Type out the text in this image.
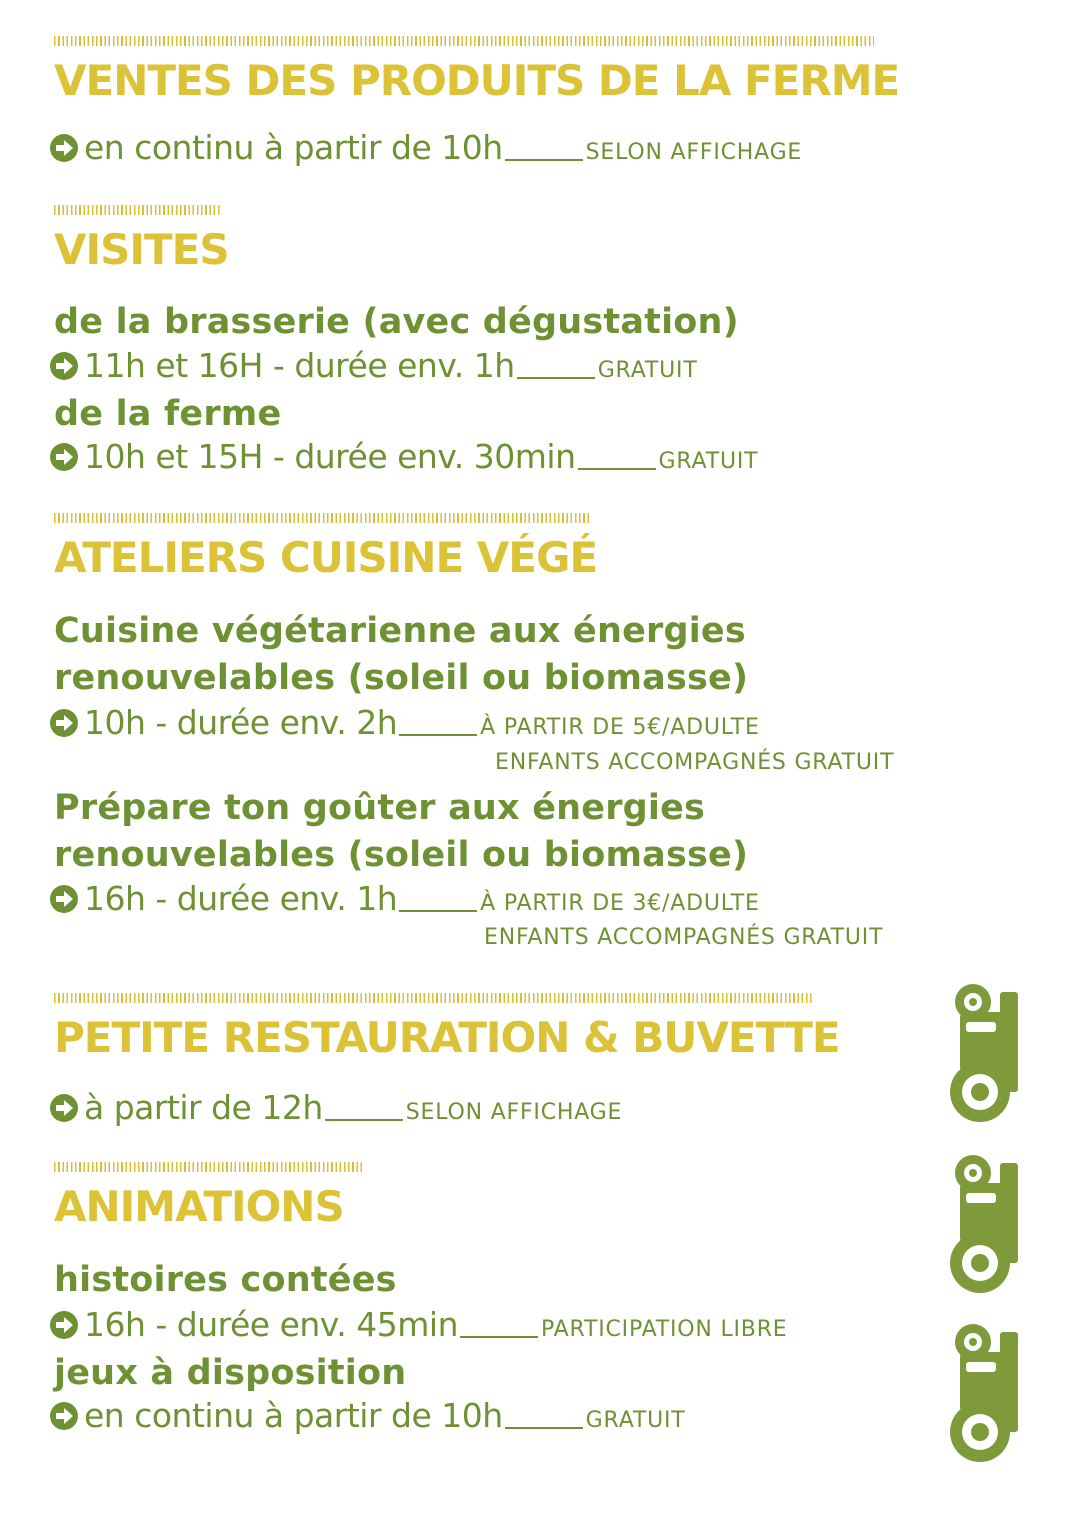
VENTES DES PRODUITS DE LA FERME
en continu à partir de 10h	SELON AFFICHAGE
VISITES
de la brasserie (avec dégustation)
11h et 16H - durée env. 1h	GRATUIT
de la ferme
10h et 15H - durée env. 30min	GRATUIT
ATELIERS CUISINE VÉGÉ
Cuisine végétarienne aux énergies
renouvelables (soleil ou biomasse)
10h - durée env. 2h	À PARTIR DE 5€/ADULTE
ENFANTS ACCOMPAGNÉS GRATUIT
Prépare ton goûter aux énergies
renouvelables (soleil ou biomasse)
16h - durée env. 1h	À PARTIR DE 3€/ADULTE
ENFANTS ACCOMPAGNÉS GRATUIT
PETITE RESTAURATION & BUVETTE
à partir de 12h	SELON AFFICHAGE
ANIMATIONS
histoires contées
16h - durée env. 45min	PARTICIPATION LIBRE
jeux à disposition
en continu à partir de 10h	GRATUIT
